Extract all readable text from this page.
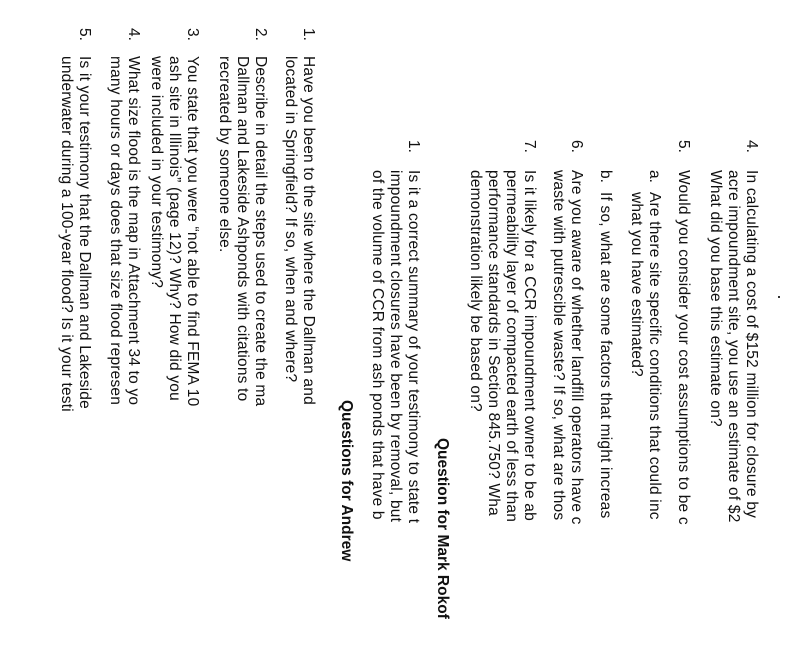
4.
In calculating a cost of $152 million for closure by
acre impoundment site, you use an estimate of $2
What did you base this estimate on?
5.
Would you consider your cost assumptions to be c
a.
Are there site specific conditions that could inc
what you have estimated?
b.
If so, what are some factors that might increas
6.
Are you aware of whether landfill operators have c
waste with putrescible waste? If so, what are thos
7.
Is it likely for a CCR impoundment owner to be ab
permeability layer of compacted earth of less than
performance standards in Section 845.750? Wha
demonstration likely be based on?
Question for Mark Rokof
1.
Is it a correct summary of your testimony to state t
impoundment closures have been by removal, but
of the volume of CCR from ash ponds that have b
Questions for Andrew
1.
Have you been to the site where the Dallman and
located in Springfield? If so, when and where?
2.
Describe in detail the steps used to create the ma
Dallman and Lakeside Ashponds with citations to
recreated by someone else.
3.
You state that you were “not able to find FEMA 10
ash site in Illinois” (page 12)? Why? How did you
were included in your testimony?
4.
What size flood is the map in Attachment 34 to yo
many hours or days does that size flood represen
5.
Is it your testimony that the Dallman and Lakeside
underwater during a 100-year flood? Is it your testi
